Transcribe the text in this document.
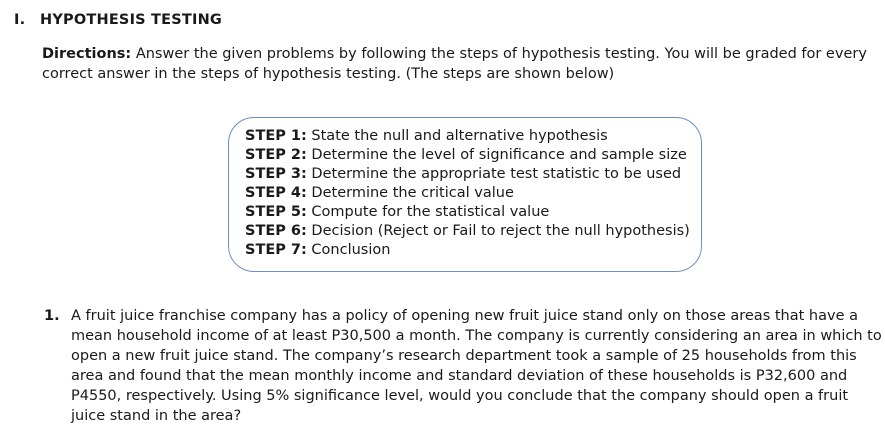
I. HYPOTHESIS TESTING
Directions: Answer the given problems by following the steps of hypothesis testing. You will be graded for every correct answer in the steps of hypothesis testing. (The steps are shown below)
STEP 1: State the null and alternative hypothesis
STEP 2: Determine the level of significance and sample size
STEP 3: Determine the appropriate test statistic to be used
STEP 4: Determine the critical value
STEP 5: Compute for the statistical value
STEP 6: Decision (Reject or Fail to reject the null hypothesis)
STEP 7: Conclusion
1. A fruit juice franchise company has a policy of opening new fruit juice stand only on those areas that have a mean household income of at least P30,500 a month. The company is currently considering an area in which to open a new fruit juice stand. The company’s research department took a sample of 25 households from this area and found that the mean monthly income and standard deviation of these households is P32,600 and P4550, respectively. Using 5% significance level, would you conclude that the company should open a fruit juice stand in the area?
